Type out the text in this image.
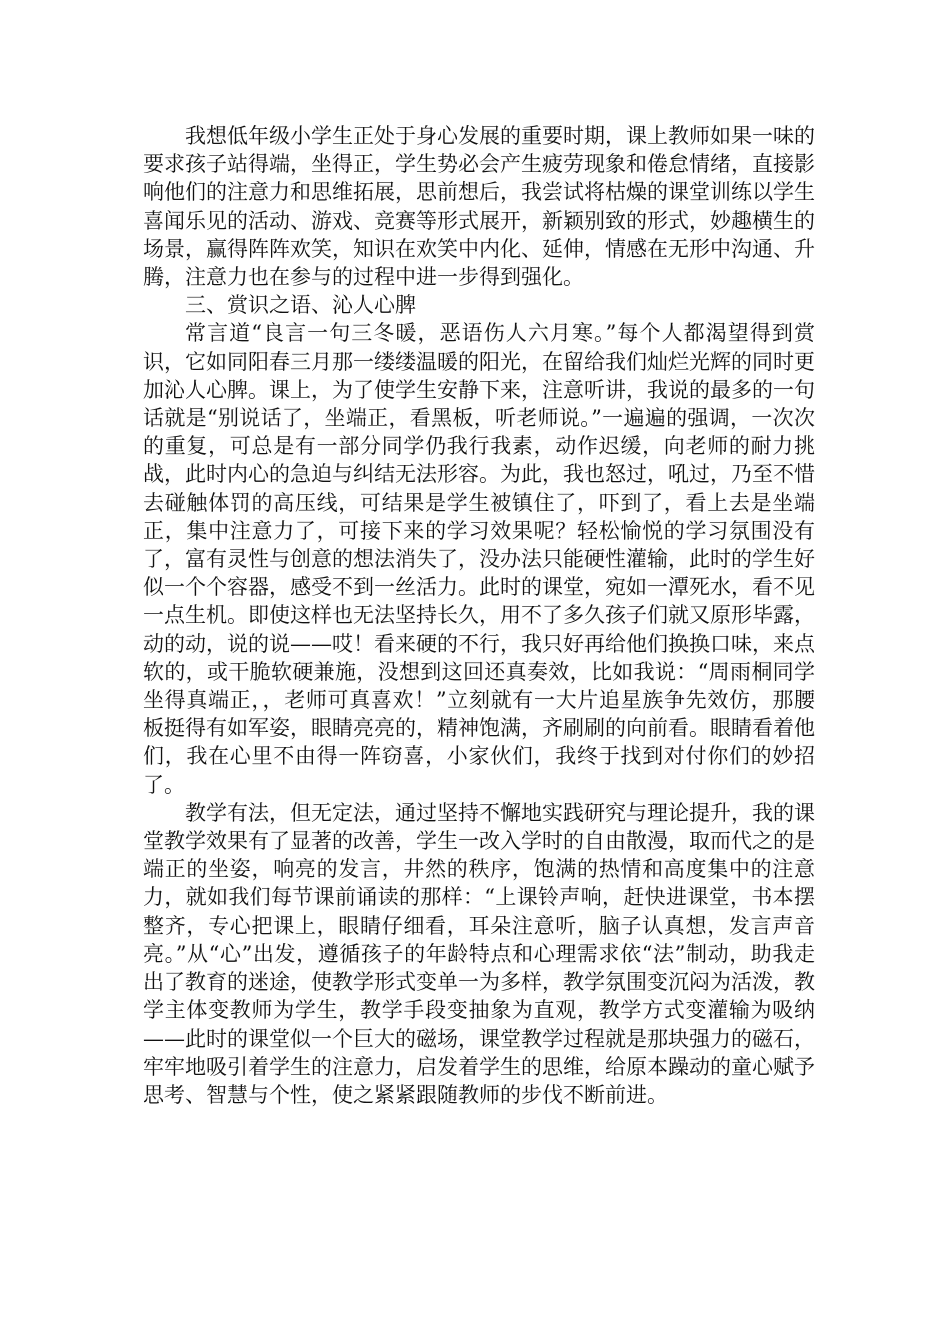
我想低年级小学生正处于身心发展的重要时期，课上教师如果一味的要求孩子站得端，坐得正，学生势必会产生疲劳现象和倦怠情绪，直接影响他们的注意力和思维拓展，思前想后，我尝试将枯燥的课堂训练以学生喜闻乐见的活动、游戏、竞赛等形式展开，新颖别致的形式，妙趣横生的场景，赢得阵阵欢笑，知识在欢笑中内化、延伸，情感在无形中沟通、升腾，注意力也在参与的过程中进一步得到强化。

三、赏识之语、沁人心脾

常言道“良言一句三冬暖，恶语伤人六月寒。”每个人都渴望得到赏识，它如同阳春三月那一缕缕温暖的阳光，在留给我们灿烂光辉的同时更加沁人心脾。课上，为了使学生安静下来，注意听讲，我说的最多的一句话就是“别说话了，坐端正，看黑板，听老师说。”一遍遍的强调，一次次的重复，可总是有一部分同学仍我行我素，动作迟缓，向老师的耐力挑战，此时内心的急迫与纠结无法形容。为此，我也怒过，吼过，乃至不惜去碰触体罚的高压线，可结果是学生被镇住了，吓到了，看上去是坐端正，集中注意力了，可接下来的学习效果呢？轻松愉悦的学习氛围没有了，富有灵性与创意的想法消失了，没办法只能硬性灌输，此时的学生好似一个个容器，感受不到一丝活力。此时的课堂，宛如一潭死水，看不见一点生机。即使这样也无法坚持长久，用不了多久孩子们就又原形毕露，动的动，说的说——哎！看来硬的不行，我只好再给他们换换口味，来点软的，或干脆软硬兼施，没想到这回还真奏效，比如我说：“周雨桐同学坐得真端正，，老师可真喜欢！”立刻就有一大片追星族争先效仿，那腰板挺得有如军姿，眼睛亮亮的，精神饱满，齐刷刷的向前看。眼睛看着他们，我在心里不由得一阵窃喜，小家伙们，我终于找到对付你们的妙招了。

教学有法，但无定法，通过坚持不懈地实践研究与理论提升，我的课堂教学效果有了显著的改善，学生一改入学时的自由散漫，取而代之的是端正的坐姿，响亮的发言，井然的秩序，饱满的热情和高度集中的注意力，就如我们每节课前诵读的那样：“上课铃声响，赶快进课堂，书本摆整齐，专心把课上，眼睛仔细看，耳朵注意听，脑子认真想，发言声音亮。”从“心”出发，遵循孩子的年龄特点和心理需求依“法”制动，助我走出了教育的迷途，使教学形式变单一为多样，教学氛围变沉闷为活泼，教学主体变教师为学生，教学手段变抽象为直观，教学方式变灌输为吸纳——此时的课堂似一个巨大的磁场，课堂教学过程就是那块强力的磁石，牢牢地吸引着学生的注意力，启发着学生的思维，给原本躁动的童心赋予思考、智慧与个性，使之紧紧跟随教师的步伐不断前进。
